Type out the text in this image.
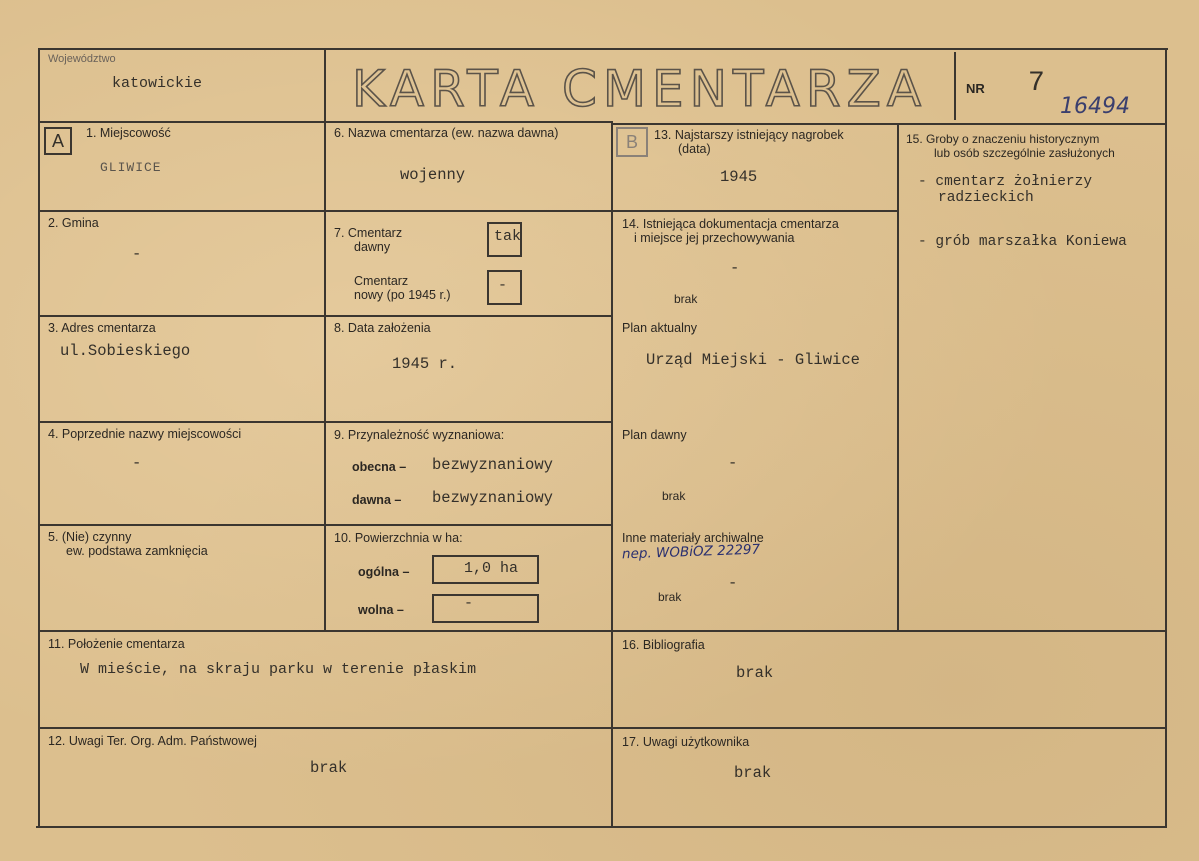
Województwo
katowickie	KARTA CMENTARZA	NR 7
16494
A	1. Miejscowość
GLIWICE
2. Gmina
-
3. Adres cmentarza
ul.Sobieskiego
4. Poprzednie nazwy miejscowości
-
5. (Nie) czynny
ew. podstawa zamknięcia
6. Nazwa cmentarza (ew. nazwa dawna)
wojenny
7. Cmentarz
dawny
tak
Cmentarz
nowy (po 1945 r.)
-
8. Data założenia
1945 r.
9. Przynależność wyznaniowa:
obecna – bezwyznaniowy
dawna – bezwyznaniowy
10. Powierzchnia w ha:
ogólna –	1,0 ha
wolna –	-
B	13. Najstarszy istniejący nagrobek
(data)
1945
14. Istniejąca dokumentacja cmentarza
i miejsce jej przechowywania
-
brak
Plan aktualny
Urząd Miejski - Gliwice
Plan dawny
-
brak
Inne materiały archiwalne
nep. WOBiOZ 22297
-
brak
15. Groby o znaczeniu historycznym
lub osób szczególnie zasłużonych
- cmentarz żołnierzy
radzieckich
- grób marszałka Koniewa
11. Położenie cmentarza
W mieście, na skraju parku w terenie płaskim
16. Bibliografia
brak
12. Uwagi Ter. Org. Adm. Państwowej
brak
17. Uwagi użytkownika
brak
